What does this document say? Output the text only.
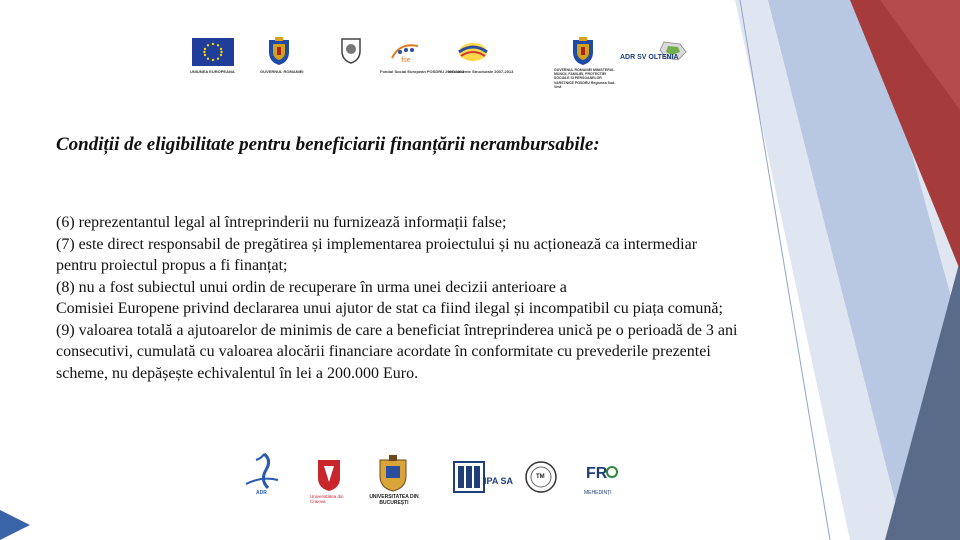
UNIUNEA EUROPEANA	GUVERNUL ROMANIEI
fse
Fondul Social European POSDRU 2007-2013
Instrumente Structurale 2007-2013	GUVERNUL ROMANIEI MINISTERUL MUNCII, FAMILIEI, PROTECTIEI SOCIALE SI PERSOANELOR VARSTNICE POSDRU Regiunea Sud-Vest
ADR SV OLTENIA
Condiții de eligibilitate pentru beneficiarii finanțării nerambursabile:

(6) reprezentantul legal al întreprinderii nu furnizează informații false;

(7) este direct responsabil de pregătirea și implementarea proiectului și nu acționează ca intermediar

pentru proiectul propus a fi finanțat;

(8) nu a fost subiectul unui ordin de recuperare în urma unei decizii anterioare a

Comisiei Europene privind declararea unui ajutor de stat ca fiind ilegal și incompatibil cu piața comună;

(9) valoarea totală a ajutoarelor de minimis de care a beneficiat întreprinderea unică pe o perioadă de 3 ani

consecutivi, cumulată cu valoarea alocării financiare acordate în conformitate cu prevederile prezentei

scheme, nu depășește echivalentul în lei a 200.000 Euro.

ADR
Universitatea din Craiova
UNIVERSITATEA DIN BUCUREȘTI
IPA SA	TM	FR
MEHEDINȚI
